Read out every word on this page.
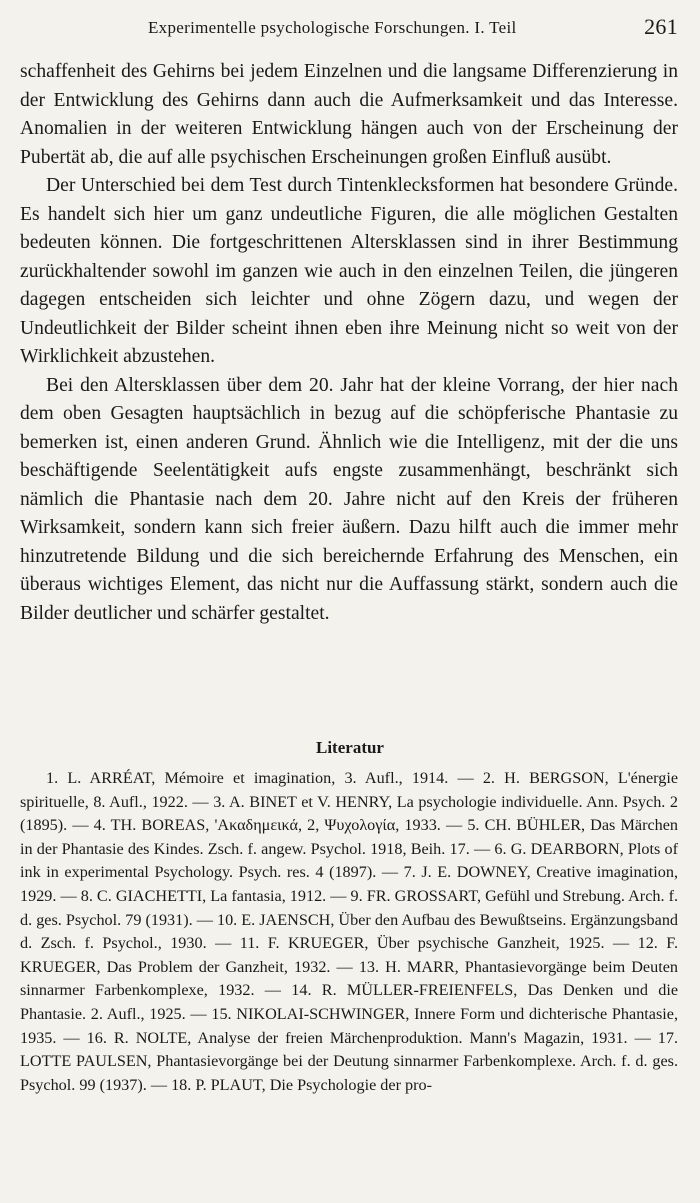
Experimentelle psychologische Forschungen. I. Teil	261

schaffenheit des Gehirns bei jedem Einzelnen und die langsame Differenzierung in der Entwicklung des Gehirns dann auch die Aufmerksamkeit und das Interesse. Anomalien in der weiteren Entwicklung hängen auch von der Erscheinung der Pubertät ab, die auf alle psychischen Erscheinungen großen Einfluß ausübt.

Der Unterschied bei dem Test durch Tintenklecksformen hat besondere Gründe. Es handelt sich hier um ganz undeutliche Figuren, die alle möglichen Gestalten bedeuten können. Die fortgeschrittenen Altersklassen sind in ihrer Bestimmung zurückhaltender sowohl im ganzen wie auch in den einzelnen Teilen, die jüngeren dagegen entscheiden sich leichter und ohne Zögern dazu, und wegen der Undeutlichkeit der Bilder scheint ihnen eben ihre Meinung nicht so weit von der Wirklichkeit abzustehen.

Bei den Altersklassen über dem 20. Jahr hat der kleine Vorrang, der hier nach dem oben Gesagten hauptsächlich in bezug auf die schöpferische Phantasie zu bemerken ist, einen anderen Grund. Ähnlich wie die Intelligenz, mit der die uns beschäftigende Seelentätigkeit aufs engste zusammenhängt, beschränkt sich nämlich die Phantasie nach dem 20. Jahre nicht auf den Kreis der früheren Wirksamkeit, sondern kann sich freier äußern. Dazu hilft auch die immer mehr hinzutretende Bildung und die sich bereichernde Erfahrung des Menschen, ein überaus wichtiges Element, das nicht nur die Auffassung stärkt, sondern auch die Bilder deutlicher und schärfer gestaltet.

Literatur
1. L. ARRÉAT, Mémoire et imagination, 3. Aufl., 1914. — 2. H. BERGSON, L'énergie spirituelle, 8. Aufl., 1922. — 3. A. BINET et V. HENRY, La psychologie individuelle. Ann. Psych. 2 (1895). — 4. TH. BOREAS, 'Ακαδημεικά, 2, Ψυχολογία, 1933. — 5. CH. BÜHLER, Das Märchen in der Phantasie des Kindes. Zsch. f. angew. Psychol. 1918, Beih. 17. — 6. G. DEARBORN, Plots of ink in experimental Psychology. Psych. res. 4 (1897). — 7. J. E. DOWNEY, Creative imagination, 1929. — 8. C. GIACHETTI, La fantasia, 1912. — 9. FR. GROSSART, Gefühl und Strebung. Arch. f. d. ges. Psychol. 79 (1931). — 10. E. JAENSCH, Über den Aufbau des Bewußtseins. Ergänzungsband d. Zsch. f. Psychol., 1930. — 11. F. KRUEGER, Über psychische Ganzheit, 1925. — 12. F. KRUEGER, Das Problem der Ganzheit, 1932. — 13. H. MARR, Phantasievorgänge beim Deuten sinnarmer Farbenkomplexe, 1932. — 14. R. MÜLLER-FREIENFELS, Das Denken und die Phantasie. 2. Aufl., 1925. — 15. NIKOLAI-SCHWINGER, Innere Form und dichterische Phantasie, 1935. — 16. R. NOLTE, Analyse der freien Märchenproduktion. Mann's Magazin, 1931. — 17. LOTTE PAULSEN, Phantasievorgänge bei der Deutung sinnarmer Farbenkomplexe. Arch. f. d. ges. Psychol. 99 (1937). — 18. P. PLAUT, Die Psychologie der pro-
